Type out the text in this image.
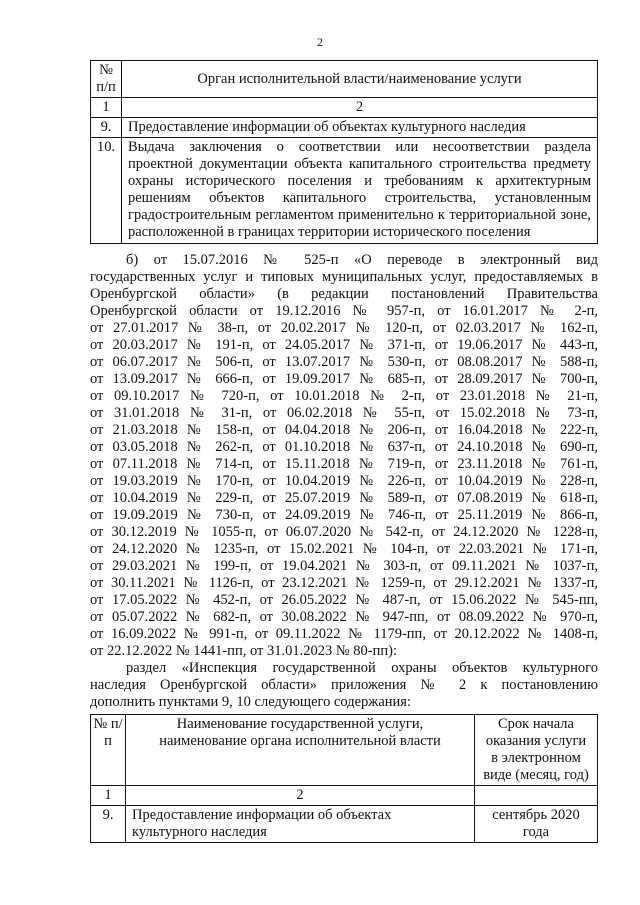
2
№ п/п	Орган исполнительной власти/наименование услуги
1	2
9.	Предоставление информации об объектах культурного наследия
10.	Выдача заключения о соответствии или несоответствии раздела проектной документации объекта капитального строительства предмету охраны исторического поселения и требованиям к архитектурным решениям объектов капитального строительства, установленным градостроительным регламентом применительно к территориальной зоне, расположенной в границах территории исторического поселения
б) от 15.07.2016 № 525-п «О переводе в электронный вид
государственных услуг и типовых муниципальных услуг, предоставляемых в
Оренбургской области» (в редакции постановлений Правительства
Оренбургской области от 19.12.2016 № 957-п, от 16.01.2017 № 2-п,
от 27.01.2017 № 38-п, от 20.02.2017 № 120-п, от 02.03.2017 № 162-п,
от 20.03.2017 № 191-п, от 24.05.2017 № 371-п, от 19.06.2017 № 443-п,
от 06.07.2017 № 506-п, от 13.07.2017 № 530-п, от 08.08.2017 № 588-п,
от 13.09.2017 № 666-п, от 19.09.2017 № 685-п, от 28.09.2017 № 700-п,
от 09.10.2017 № 720-п, от 10.01.2018 № 2-п, от 23.01.2018 № 21-п,
от 31.01.2018 № 31-п, от 06.02.2018 № 55-п, от 15.02.2018 № 73-п,
от 21.03.2018 № 158-п, от 04.04.2018 № 206-п, от 16.04.2018 № 222-п,
от 03.05.2018 № 262-п, от 01.10.2018 № 637-п, от 24.10.2018 № 690-п,
от 07.11.2018 № 714-п, от 15.11.2018 № 719-п, от 23.11.2018 № 761-п,
от 19.03.2019 № 170-п, от 10.04.2019 № 226-п, от 10.04.2019 № 228-п,
от 10.04.2019 № 229-п, от 25.07.2019 № 589-п, от 07.08.2019 № 618-п,
от 19.09.2019 № 730-п, от 24.09.2019 № 746-п, от 25.11.2019 № 866-п,
от 30.12.2019 № 1055-п, от 06.07.2020 № 542-п, от 24.12.2020 № 1228-п,
от 24.12.2020 № 1235-п, от 15.02.2021 № 104-п, от 22.03.2021 № 171-п,
от 29.03.2021 № 199-п, от 19.04.2021 № 303-п, от 09.11.2021 № 1037-п,
от 30.11.2021 № 1126-п, от 23.12.2021 № 1259-п, от 29.12.2021 № 1337-п,
от 17.05.2022 № 452-п, от 26.05.2022 № 487-п, от 15.06.2022 № 545-пп,
от 05.07.2022 № 682-п, от 30.08.2022 № 947-пп, от 08.09.2022 № 970-п,
от 16.09.2022 № 991-п, от 09.11.2022 № 1179-пп, от 20.12.2022 № 1408-п,
от 22.12.2022 № 1441-пп, от 31.01.2023 № 80-пп):
раздел «Инспекция государственной охраны объектов культурного
наследия Оренбургской области» приложения № 2 к постановлению
дополнить пунктами 9, 10 следующего содержания:
№ п/п	Наименование государственной услуги, наименование органа исполнительной власти	Срок начала оказания услуги в электронном виде (месяц, год)
1	2	
9.	Предоставление информации об объектах культурного наследия	сентябрь 2020 года
